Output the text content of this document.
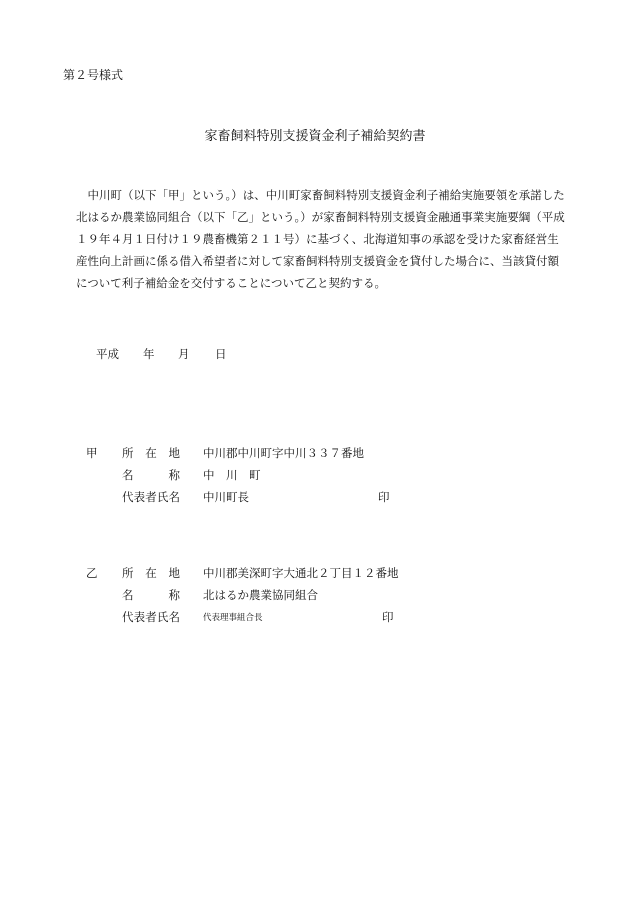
第２号様式
家畜飼料特別支援資金利子補給契約書

中川町（以下「甲」という。）は、中川町家畜飼料特別支援資金利子補給実施要領を承諾した

北はるか農業協同組合（以下「乙」という。）が家畜飼料特別支援資金融通事業実施要綱（平成

１９年４月１日付け１９農畜機第２１１号）に基づく、北海道知事の承認を受けた家畜経営生

産性向上計画に係る借入希望者に対して家畜飼料特別支援資金を貸付した場合に、当該貸付額

について利子補給金を交付することについて乙と契約する。

平成 年 月 日
甲 所　在　地 中川郡中川町字中川３３７番地
名　　　称 中　川　町
代表者氏名 中川町長	印
乙 所　在　地 中川郡美深町字大通北２丁目１２番地
名　　　称 北はるか農業協同組合
代表者氏名	代表理事組合長	印
